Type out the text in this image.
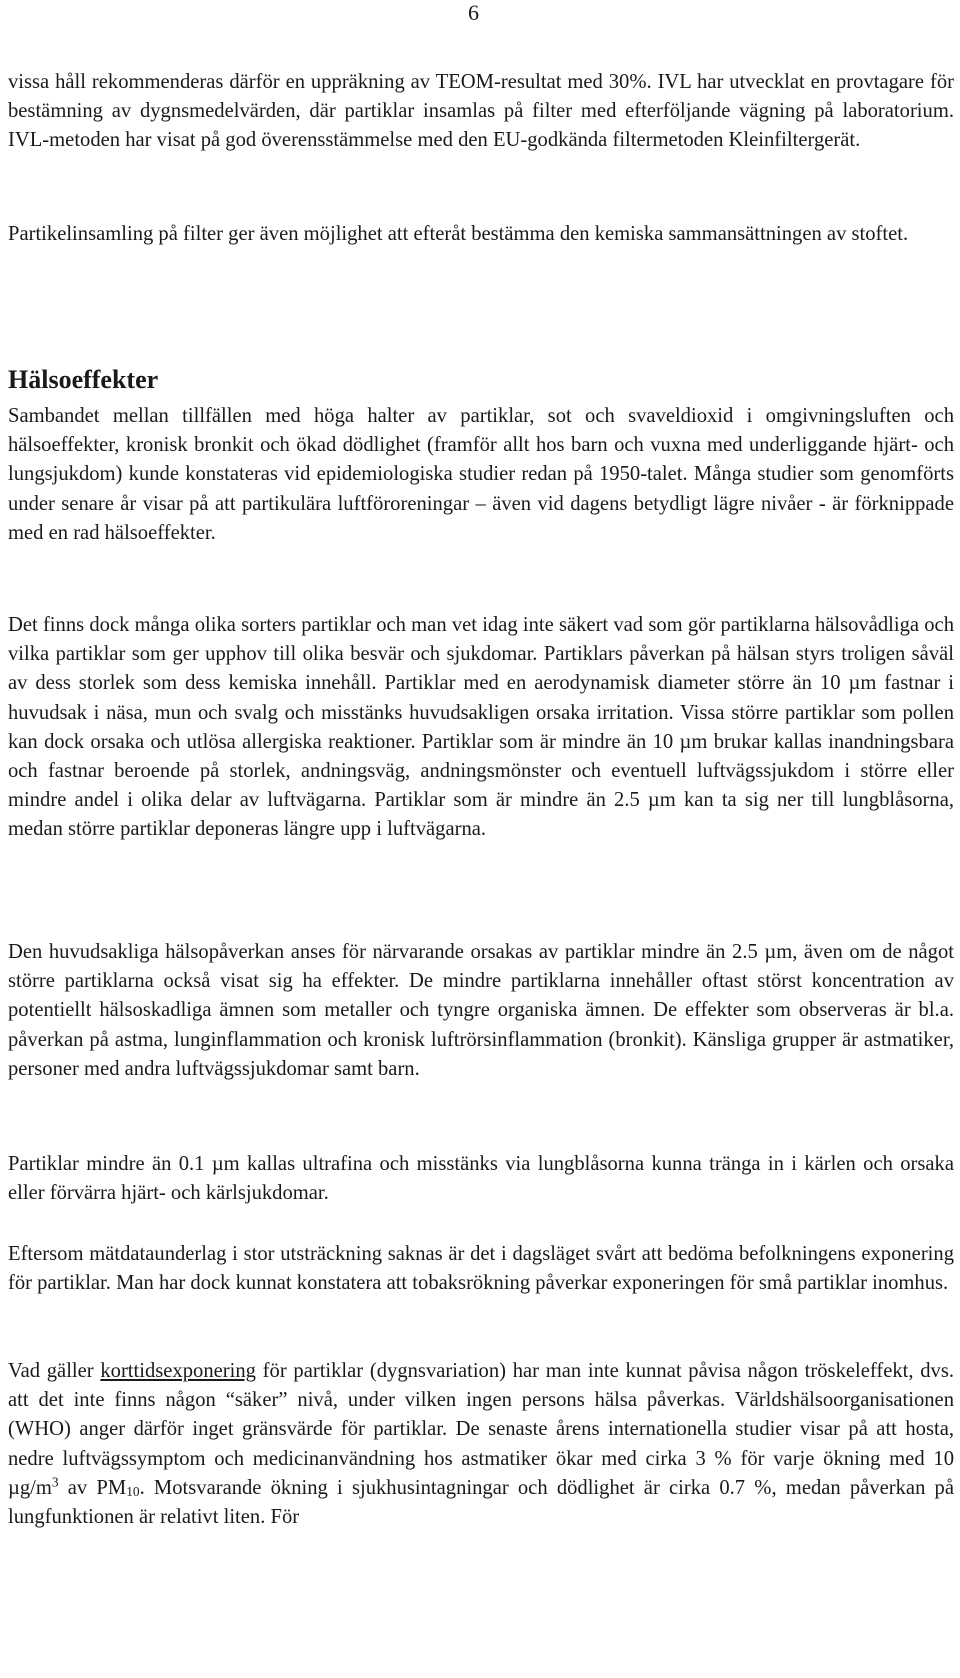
6

vissa håll rekommenderas därför en uppräkning av TEOM-resultat med 30%. IVL har utvecklat en provtagare för bestämning av dygnsmedelvärden, där partiklar insamlas på filter med efterföljande vägning på laboratorium. IVL-metoden har visat på god överensstämmelse med den EU-godkända filtermetoden Kleinfiltergerät.

Partikelinsamling på filter ger även möjlighet att efteråt bestämma den kemiska sammansättningen av stoftet.

Hälsoeffekter

Sambandet mellan tillfällen med höga halter av partiklar, sot och svaveldioxid i omgivningsluften och hälsoeffekter, kronisk bronkit och ökad dödlighet (framför allt hos barn och vuxna med underliggande hjärt- och lungsjukdom) kunde konstateras vid epidemiologiska studier redan på 1950-talet. Många studier som genomförts under senare år visar på att partikulära luftföroreningar – även vid dagens betydligt lägre nivåer - är förknippade med en rad hälsoeffekter.

Det finns dock många olika sorters partiklar och man vet idag inte säkert vad som gör partiklarna hälsovådliga och vilka partiklar som ger upphov till olika besvär och sjukdomar. Partiklars påverkan på hälsan styrs troligen såväl av dess storlek som dess kemiska innehåll. Partiklar med en aerodynamisk diameter större än 10 µm fastnar i huvudsak i näsa, mun och svalg och misstänks huvudsakligen orsaka irritation. Vissa större partiklar som pollen kan dock orsaka och utlösa allergiska reaktioner. Partiklar som är mindre än 10 µm brukar kallas inandningsbara och fastnar beroende på storlek, andningsväg, andningsmönster och eventuell luftvägssjukdom i större eller mindre andel i olika delar av luftvägarna. Partiklar som är mindre än 2.5 µm kan ta sig ner till lungblåsorna, medan större partiklar deponeras längre upp i luftvägarna.

Den huvudsakliga hälsopåverkan anses för närvarande orsakas av partiklar mindre än 2.5 µm, även om de något större partiklarna också visat sig ha effekter. De mindre partiklarna innehåller oftast störst koncentration av potentiellt hälsoskadliga ämnen som metaller och tyngre organiska ämnen. De effekter som observeras är bl.a. påverkan på astma, lunginflammation och kronisk luftrörsinflammation (bronkit). Känsliga grupper är astmatiker, personer med andra luftvägssjukdomar samt barn.

Partiklar mindre än 0.1 µm kallas ultrafina och misstänks via lungblåsorna kunna tränga in i kärlen och orsaka eller förvärra hjärt- och kärlsjukdomar.

Eftersom mätdataunderlag i stor utsträckning saknas är det i dagsläget svårt att bedöma befolkningens exponering för partiklar. Man har dock kunnat konstatera att tobaksrökning påverkar exponeringen för små partiklar inomhus.

Vad gäller korttidsexponering för partiklar (dygnsvariation) har man inte kunnat påvisa någon tröskeleffekt, dvs. att det inte finns någon “säker” nivå, under vilken ingen persons hälsa påverkas. Världshälsoorganisationen (WHO) anger därför inget gränsvärde för partiklar. De senaste årens internationella studier visar på att hosta, nedre luftvägssymptom och medicinanvändning hos astmatiker ökar med cirka 3 % för varje ökning med 10 $\mu g/m^3$ av $PM_{10}$. Motsvarande ökning i sjukhusintagningar och dödlighet är cirka 0.7 %, medan påverkan på lungfunktionen är relativt liten. För
